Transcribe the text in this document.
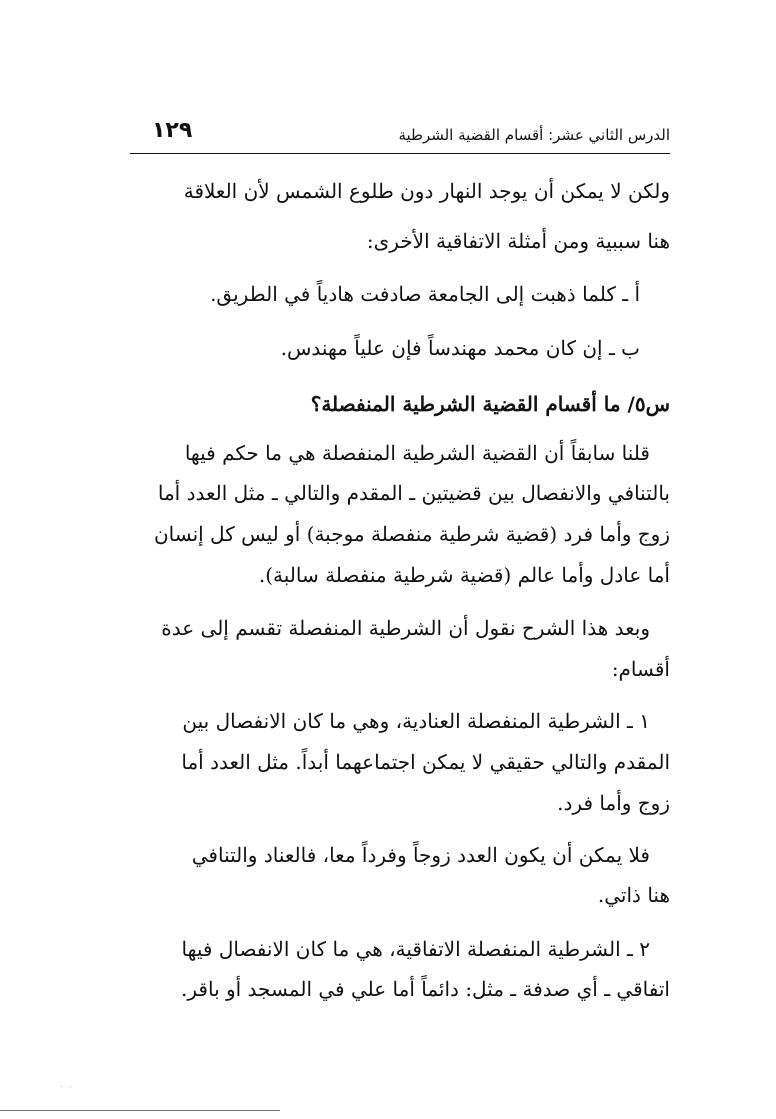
الدرس الثاني عشر: أقسام القضية الشرطية
١٢٩
ولكن لا يمكن أن يوجد النهار دون طلوع الشمس لأن العلاقة
هنا سببية ومن أمثلة الاتفاقية الأخرى:
أ ـ كلما ذهبت إلى الجامعة صادفت هادياً في الطريق.
ب ـ إن كان محمد مهندساً فإن علياً مهندس.
س٥/ ما أقسام القضية الشرطية المنفصلة؟
قلنا سابقاً أن القضية الشرطية المنفصلة هي ما حكم فيها
بالتنافي والانفصال بين قضيتين ـ المقدم والتالي ـ مثل العدد أما
زوج وأما فرد (قضية شرطية منفصلة موجبة) أو ليس كل إنسان
أما عادل وأما عالم (قضية شرطية منفصلة سالبة).
وبعد هذا الشرح نقول أن الشرطية المنفصلة تقسم إلى عدة
أقسام:
١ ـ الشرطية المنفصلة العنادية، وهي ما كان الانفصال بين
المقدم والتالي حقيقي لا يمكن اجتماعهما أبداً. مثل العدد أما
زوج وأما فرد.
فلا يمكن أن يكون العدد زوجاً وفرداً معا، فالعناد والتنافي
هنا ذاتي.
٢ ـ الشرطية المنفصلة الاتفاقية، هي ما كان الانفصال فيها
اتفاقي ـ أي صدفة ـ مثل: دائماً أما علي في المسجد أو باقر.
. .
